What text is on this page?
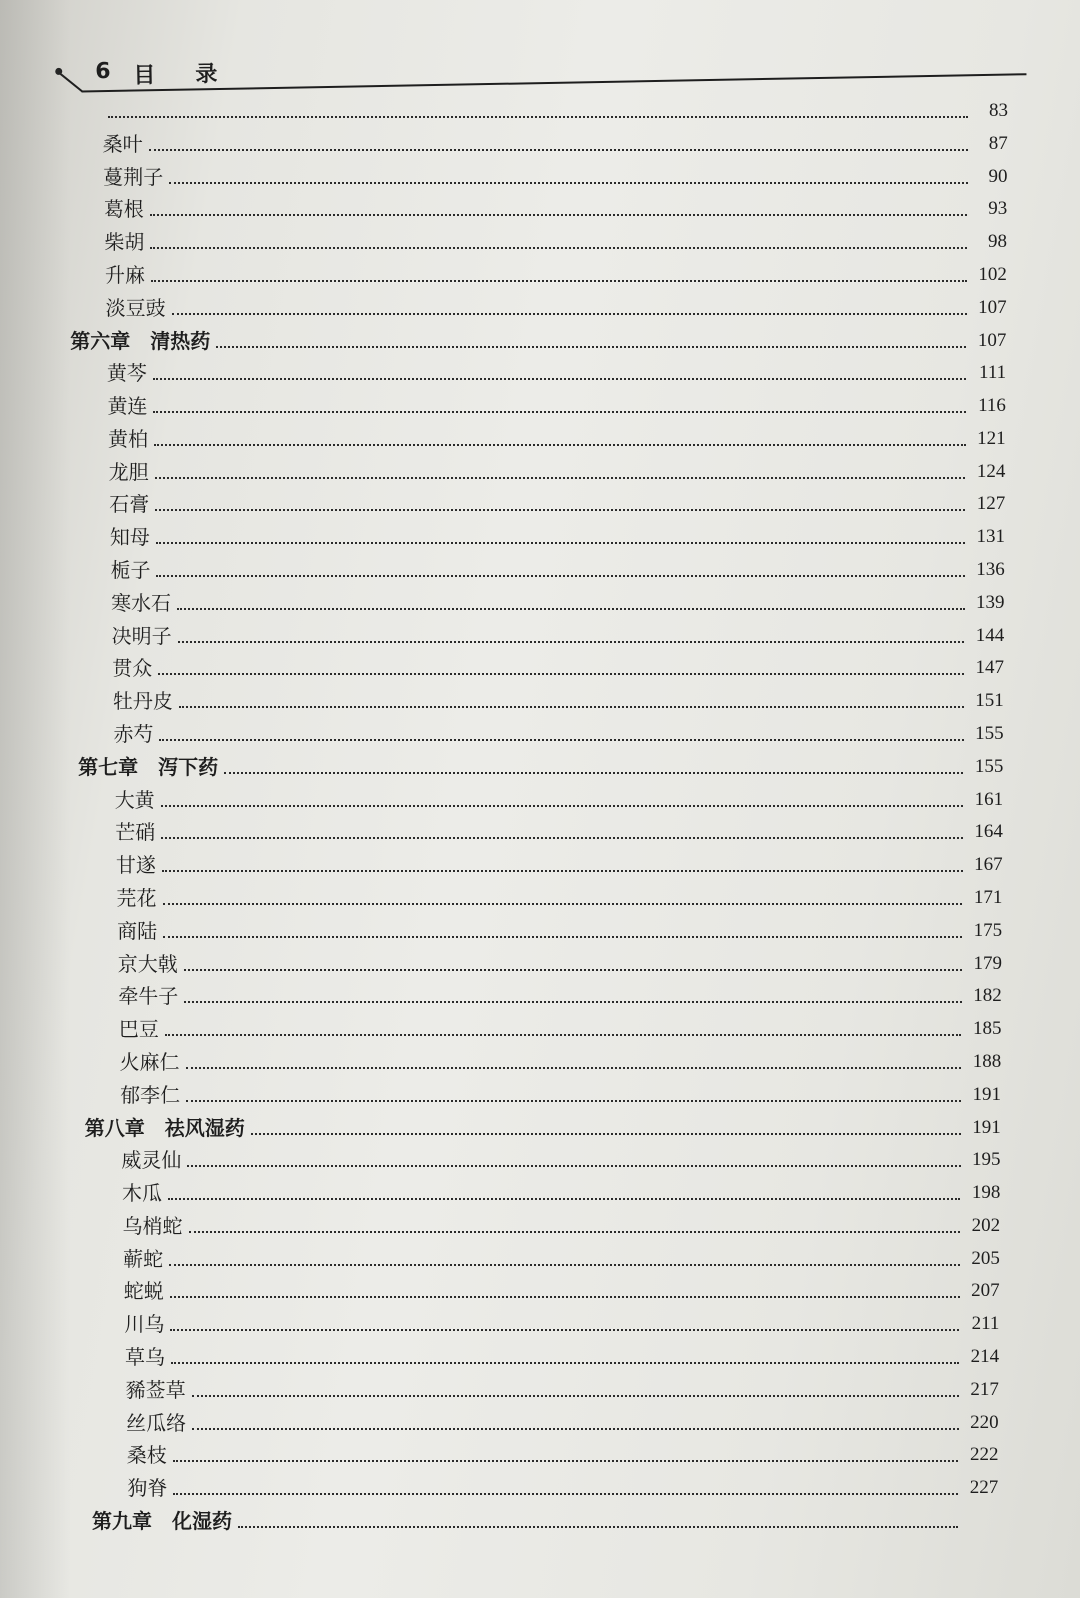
6 目录
83
桑叶	87
蔓荆子	90
葛根	93
柴胡	98
升麻	102
淡豆豉	107
第六章　清热药	107
黄芩	111
黄连	116
黄柏	121
龙胆	124
石膏	127
知母	131
栀子	136
寒水石	139
决明子	144
贯众	147
牡丹皮	151
赤芍	155
第七章　泻下药	155
大黄	161
芒硝	164
甘遂	167
芫花	171
商陆	175
京大戟	179
牵牛子	182
巴豆	185
火麻仁	188
郁李仁	191
第八章　祛风湿药	191
威灵仙	195
木瓜	198
乌梢蛇	202
蕲蛇	205
蛇蜕	207
川乌	211
草乌	214
豨莶草	217
丝瓜络	220
桑枝	222
狗脊	227
第九章　化湿药
